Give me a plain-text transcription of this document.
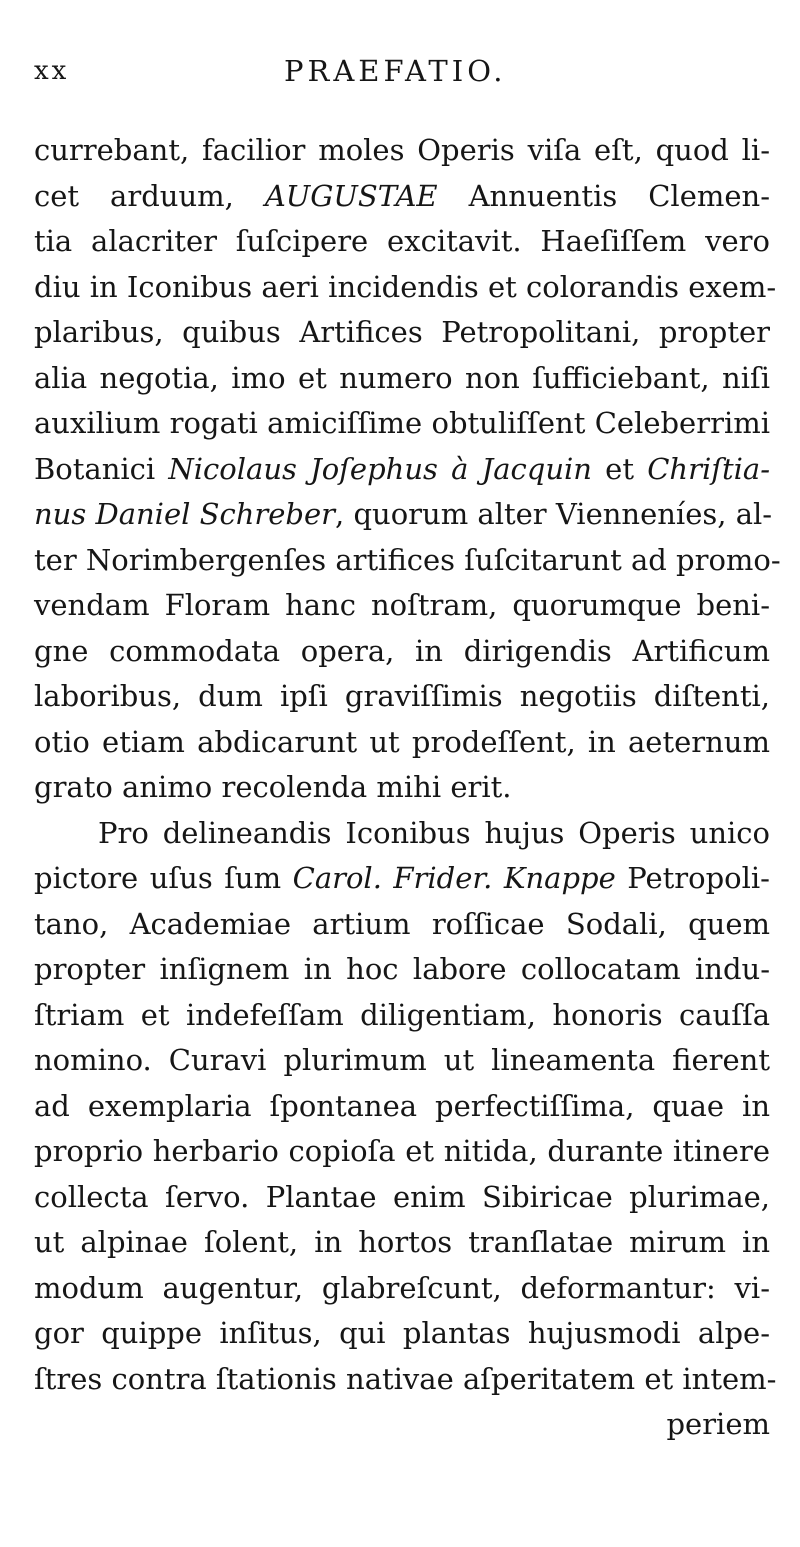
xx	PRAEFATIO.
currebant, facilior moles Operis viſa eſt, quod li-
cet arduum, AUGUSTAE Annuentis Clemen-
tia alacriter ſuſcipere excitavit. Haeſiſſem vero
diu in Iconibus aeri incidendis et colorandis exem-
plaribus, quibus Artifices Petropolitani, propter
alia negotia, imo et numero non ſufficiebant, niſi
auxilium rogati amiciſſime obtuliſſent Celeberrimi
Botanici Nicolaus Joſephus à Jacquin et Chriſtia-
nus Daniel Schreber, quorum alter Vienneníes, al-
ter Norimbergenſes artifices ſuſcitarunt ad promo-
vendam Floram hanc noſtram, quorumque beni-
gne commodata opera, in dirigendis Artificum
laboribus, dum ipſi graviſſimis negotiis diſtenti,
otio etiam abdicarunt ut prodeſſent, in aeternum
grato animo recolenda mihi erit.
Pro delineandis Iconibus hujus Operis unico
pictore uſus ſum Carol. Frider. Knappe Petropoli-
tano, Academiae artium roſſicae Sodali, quem
propter inſignem in hoc labore collocatam indu-
ſtriam et indefeſſam diligentiam, honoris cauſſa
nomino. Curavi plurimum ut lineamenta fierent
ad exemplaria ſpontanea perfectiſſima, quae in
proprio herbario copioſa et nitida, durante itinere
collecta ſervo. Plantae enim Sibiricae plurimae,
ut alpinae ſolent, in hortos tranſlatae mirum in
modum augentur, glabreſcunt, deformantur: vi-
gor quippe inſitus, qui plantas hujusmodi alpe-
ſtres contra ſtationis nativae aſperitatem et intem-
periem
